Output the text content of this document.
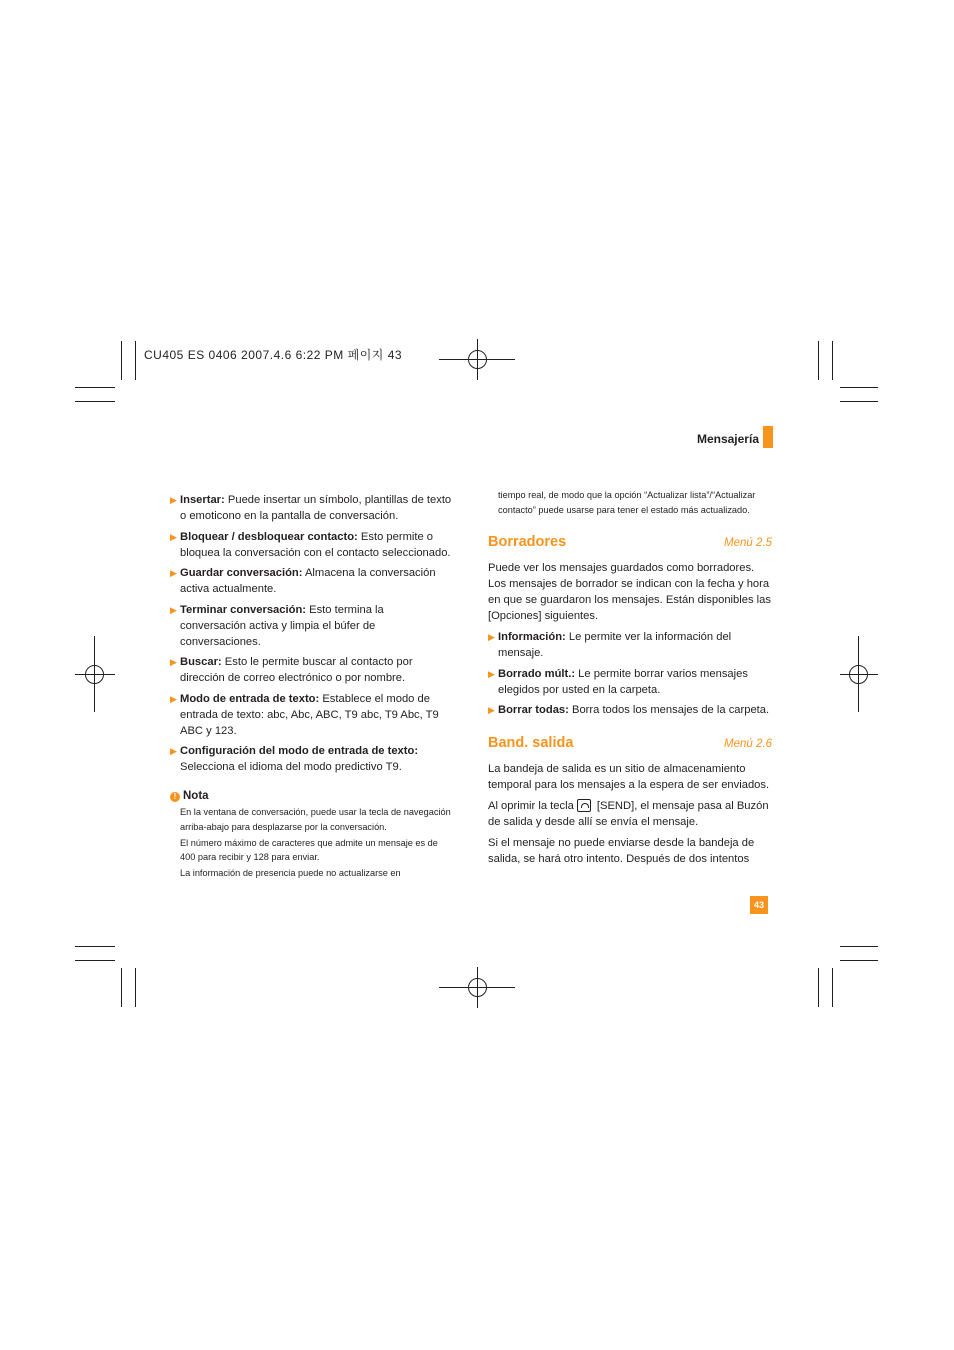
CU405 ES 0406 2007.4.6 6:22 PM 페이지 43
Mensajería
▶ Insertar: Puede insertar un símbolo, plantillas de texto o emoticono en la pantalla de conversación.
▶ Bloquear / desbloquear contacto: Esto permite o bloquea la conversación con el contacto seleccionado.
▶ Guardar conversación: Almacena la conversación activa actualmente.
▶ Terminar conversación: Esto termina la conversación activa y limpia el búfer de conversaciones.
▶ Buscar: Esto le permite buscar al contacto por dirección de correo electrónico o por nombre.
▶ Modo de entrada de texto: Establece el modo de entrada de texto: abc, Abc, ABC, T9 abc, T9 Abc, T9 ABC y 123.
▶ Configuración del modo de entrada de texto:
Selecciona el idioma del modo predictivo T9.
! Nota

En la ventana de conversación, puede usar la tecla de navegación arriba-abajo para desplazarse por la conversación.

El número máximo de caracteres que admite un mensaje es de 400 para recibir y 128 para enviar.

La información de presencia puede no actualizarse en

tiempo real, de modo que la opción “Actualizar lista”/“Actualizar contacto” puede usarse para tener el estado más actualizado.
Borradores	Menú 2.5

Puede ver los mensajes guardados como borradores. Los mensajes de borrador se indican con la fecha y hora en que se guardaron los mensajes. Están disponibles las [Opciones] siguientes.

▶ Información: Le permite ver la información del mensaje.
▶ Borrado múlt.: Le permite borrar varios mensajes elegidos por usted en la carpeta.
▶ Borrar todas: Borra todos los mensajes de la carpeta.
Band. salida	Menú 2.6

La bandeja de salida es un sitio de almacenamiento temporal para los mensajes a la espera de ser enviados.

Al oprimir la tecla [SEND], el mensaje pasa al Buzón de salida y desde allí se envía el mensaje.

Si el mensaje no puede enviarse desde la bandeja de salida, se hará otro intento. Después de dos intentos

43
